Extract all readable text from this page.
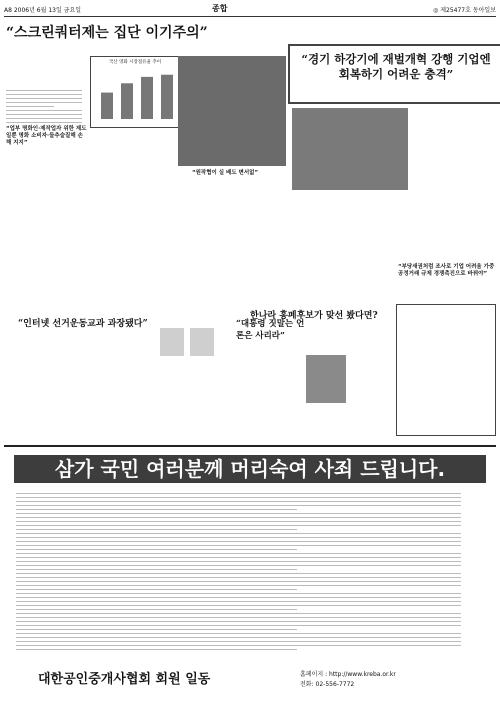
A8 2006년 6월 13일 금요일	종합	◎ 제25477호 동아일보
“스크린쿼터제는 집단 이기주의”
국산 영화 시장점유율 추이
“업부 명화인·제작업자 위한 제도일뿐 명화 소비자·들추슬질해 손해 지지”
“원작협이 실 배도 변서없”
“경기 하강기에 재벌개혁 강행 기업엔 회복하기 어려운 충격”
“부당새권처럼 조사로 기업 어려움 가중 공정거래 규제 경쟁촉진으로 바꿔야”
“인터넷 선거운동교과 과장됐다”	“대통령 짓말는 언론은 사리라”
한나라 홍페후보가 맞선 봤다면?
삼가 국민 여러분께 머리숙여 사죄 드립니다.
대한공인중개사협회 회원 일동	홈페이지 : http://www.kreba.or.kr
전화: 02-556-7772
